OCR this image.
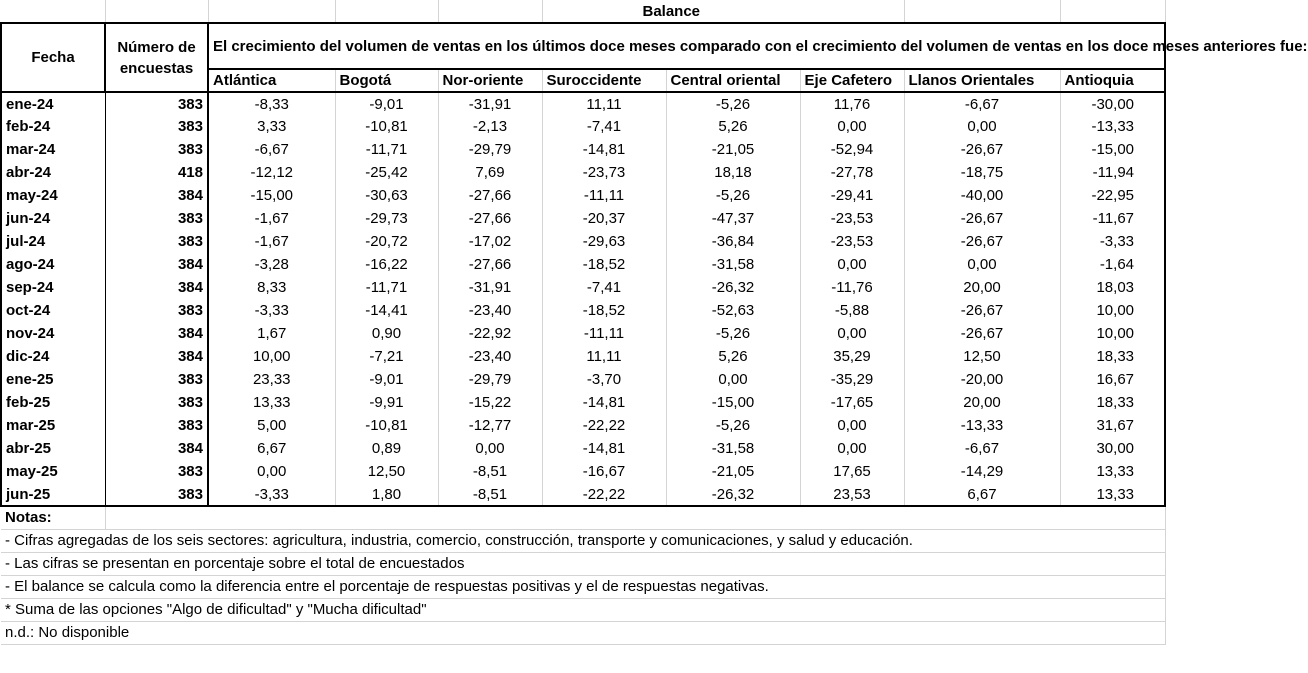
					Balance				
Fecha	Número de
encuestas	El crecimiento del volumen de ventas en los últimos doce meses comparado con el crecimiento del volumen de ventas en los doce meses anteriores fue:							
		Atlántica	Bogotá	Nor-oriente	Suroccidente	Central oriental	Eje Cafetero	Llanos Orientales	Antioquia
ene-24	383	-8,33	-9,01	-31,91	11,11	-5,26	11,76	-6,67	-30,00
feb-24	383	3,33	-10,81	-2,13	-7,41	5,26	0,00	0,00	-13,33
mar-24	383	-6,67	-11,71	-29,79	-14,81	-21,05	-52,94	-26,67	-15,00
abr-24	418	-12,12	-25,42	7,69	-23,73	18,18	-27,78	-18,75	-11,94
may-24	384	-15,00	-30,63	-27,66	-11,11	-5,26	-29,41	-40,00	-22,95
jun-24	383	-1,67	-29,73	-27,66	-20,37	-47,37	-23,53	-26,67	-11,67
jul-24	383	-1,67	-20,72	-17,02	-29,63	-36,84	-23,53	-26,67	-3,33
ago-24	384	-3,28	-16,22	-27,66	-18,52	-31,58	0,00	0,00	-1,64
sep-24	384	8,33	-11,71	-31,91	-7,41	-26,32	-11,76	20,00	18,03
oct-24	383	-3,33	-14,41	-23,40	-18,52	-52,63	-5,88	-26,67	10,00
nov-24	384	1,67	0,90	-22,92	-11,11	-5,26	0,00	-26,67	10,00
dic-24	384	10,00	-7,21	-23,40	11,11	5,26	35,29	12,50	18,33
ene-25	383	23,33	-9,01	-29,79	-3,70	0,00	-35,29	-20,00	16,67
feb-25	383	13,33	-9,91	-15,22	-14,81	-15,00	-17,65	20,00	18,33
mar-25	383	5,00	-10,81	-12,77	-22,22	-5,26	0,00	-13,33	31,67
abr-25	384	6,67	0,89	0,00	-14,81	-31,58	0,00	-6,67	30,00
may-25	383	0,00	12,50	-8,51	-16,67	-21,05	17,65	-14,29	13,33
jun-25	383	-3,33	1,80	-8,51	-22,22	-26,32	23,53	6,67	13,33
Notas:									
- Cifras agregadas de los seis sectores: agricultura, industria, comercio, construcción, transporte y comunicaciones, y salud y educación.									
- Las cifras se presentan en porcentaje sobre el total de encuestados									
- El balance se calcula como la diferencia entre el porcentaje de respuestas positivas y el de respuestas negativas.									
* Suma de las opciones "Algo de dificultad" y "Mucha dificultad"									
n.d.: No disponible									
